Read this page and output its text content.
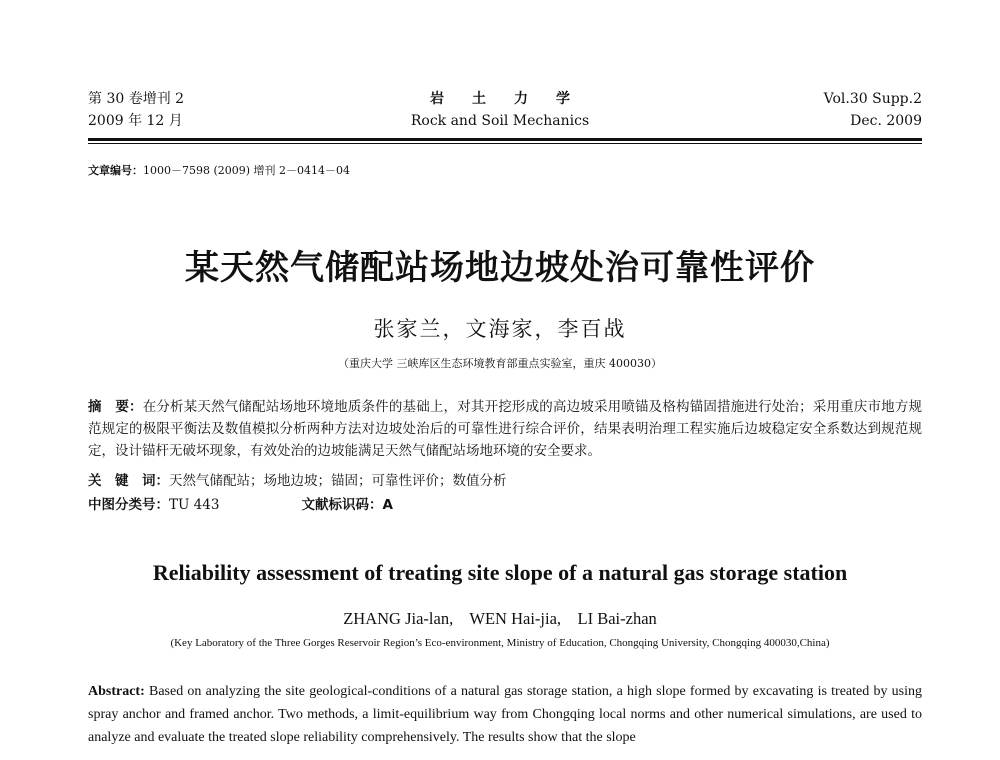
第 30 卷增刊 2
2009 年 12 月
岩土力学
Rock and Soil Mechanics
Vol.30 Supp.2
Dec. 2009
文章编号：1000－7598 (2009) 增刊 2－0414－04
某天然气储配站场地边坡处治可靠性评价
张家兰，文海家，李百战
（重庆大学 三峡库区生态环境教育部重点实验室，重庆 400030）
摘　要：在分析某天然气储配站场地环境地质条件的基础上，对其开挖形成的高边坡采用喷锚及格构锚固措施进行处治；采用重庆市地方规范规定的极限平衡法及数值模拟分析两种方法对边坡处治后的可靠性进行综合评价，结果表明治理工程实施后边坡稳定安全系数达到规范规定，设计锚杆无破坏现象，有效处治的边坡能满足天然气储配站场地环境的安全要求。
关　键　词：天然气储配站；场地边坡；锚固；可靠性评价；数值分析
中图分类号：TU 443	文献标识码：A
Reliability assessment of treating site slope of a natural gas storage station
ZHANG Jia-lan,    WEN Hai-jia,    LI Bai-zhan
(Key Laboratory of the Three Gorges Reservoir Region’s Eco-environment, Ministry of Education, Chongqing University, Chongqing 400030,China)
Abstract: Based on analyzing the site geological-conditions of a natural gas storage station, a high slope formed by excavating is treated by using spray anchor and framed anchor. Two methods, a limit-equilibrium way from Chongqing local norms and other numerical simulations, are used to analyze and evaluate the treated slope reliability comprehensively. The results show that the slope
